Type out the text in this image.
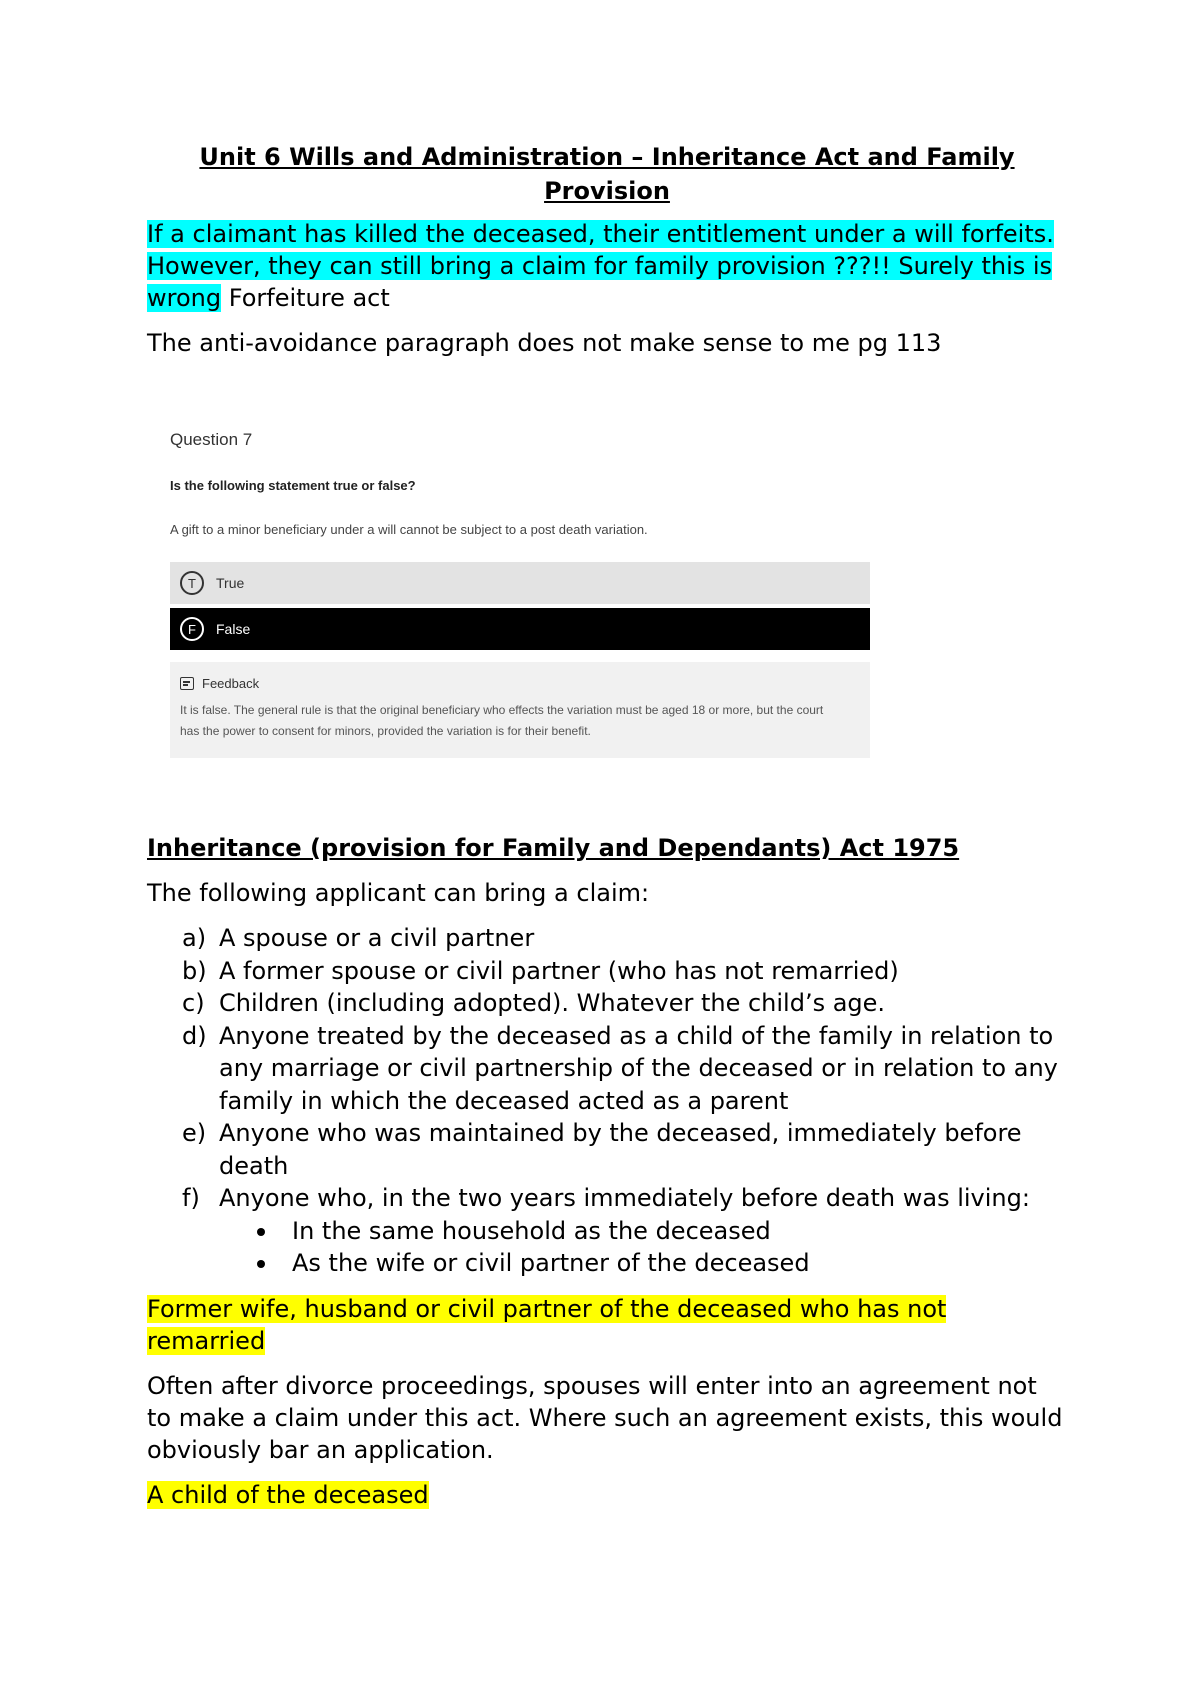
Unit 6 Wills and Administration – Inheritance Act and Family Provision

If a claimant has killed the deceased, their entitlement under a will forfeits. However, they can still bring a claim for family provision ???!! Surely this is wrong Forfeiture act

The anti-avoidance paragraph does not make sense to me pg 113

Question 7
Is the following statement true or false?
A gift to a minor beneficiary under a will cannot be subject to a post death variation.
T	True
F	False
Feedback
It is false. The general rule is that the original beneficiary who effects the variation must be aged 18 or more, but the court has the power to consent for minors, provided the variation is for their benefit.
Inheritance (provision for Family and Dependants) Act 1975

The following applicant can bring a claim:

a) A spouse or a civil partner
b) A former spouse or civil partner (who has not remarried)
c) Children (including adopted). Whatever the child’s age.
d) Anyone treated by the deceased as a child of the family in relation to any marriage or civil partnership of the deceased or in relation to any family in which the deceased acted as a parent
e) Anyone who was maintained by the deceased, immediately before death
f) Anyone who, in the two years immediately before death was living:
In the same household as the deceased
As the wife or civil partner of the deceased

Former wife, husband or civil partner of the deceased who has not remarried

Often after divorce proceedings, spouses will enter into an agreement not to make a claim under this act. Where such an agreement exists, this would obviously bar an application.

A child of the deceased
